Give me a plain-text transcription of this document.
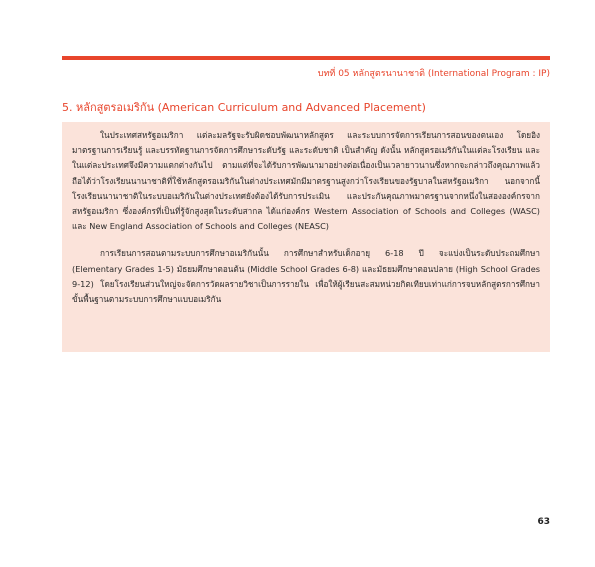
บทที่ 05 หลักสูตรนานาชาติ (International Program : IP)
5. หลักสูตรอเมริกัน (American Curriculum and Advanced Placement)

ในประเทศสหรัฐอเมริกา แต่ละมลรัฐจะรับผิดชอบพัฒนาหลักสูตร และระบบการจัดการเรียนการสอนของตนเอง โดยอิงมาตรฐานการเรียนรู้ และบรรทัดฐานการจัดการศึกษาระดับรัฐ และระดับชาติ เป็นสำคัญ ดังนั้น หลักสูตรอเมริกันในแต่ละโรงเรียน และในแต่ละประเทศจึงมีความแตกต่างกันไป ตามแต่ที่จะได้รับการพัฒนามาอย่างต่อเนื่องเป็นเวลายาวนานซึ่งหากจะกล่าวถึงคุณภาพแล้วถือได้ว่าโรงเรียนนานาชาติที่ใช้หลักสูตรอเมริกันในต่างประเทศมักมีมาตรฐานสูงกว่าโรงเรียนของรัฐบาลในสหรัฐอเมริกา นอกจากนี้โรงเรียนนานาชาติในระบบอเมริกันในต่างประเทศยังต้องได้รับการประเมิน และประกันคุณภาพมาตรฐานจากหนึ่งในสององค์กรจากสหรัฐอเมริกา ซึ่งองค์กรที่เป็นที่รู้จักสูงสุดในระดับสากล ได้แก่องค์กร Western Association of Schools and Colleges (WASC) และ New England Association of Schools and Colleges (NEASC)

การเรียนการสอนตามระบบการศึกษาอเมริกันนั้น การศึกษาสำหรับเด็กอายุ 6-18 ปี จะแบ่งเป็นระดับประถมศึกษา (Elementary Grades 1-5) มัธยมศึกษาตอนต้น (Middle School Grades 6-8) และมัธยมศึกษาตอนปลาย (High School Grades 9-12) โดยโรงเรียนส่วนใหญ่จะจัดการวัดผลรายวิชาเป็นการรายใน เพื่อให้ผู้เรียนสะสมหน่วยกิตเทียบเท่าแก่การจบหลักสูตรการศึกษาขั้นพื้นฐานตามระบบการศึกษาแบบอเมริกัน

63
